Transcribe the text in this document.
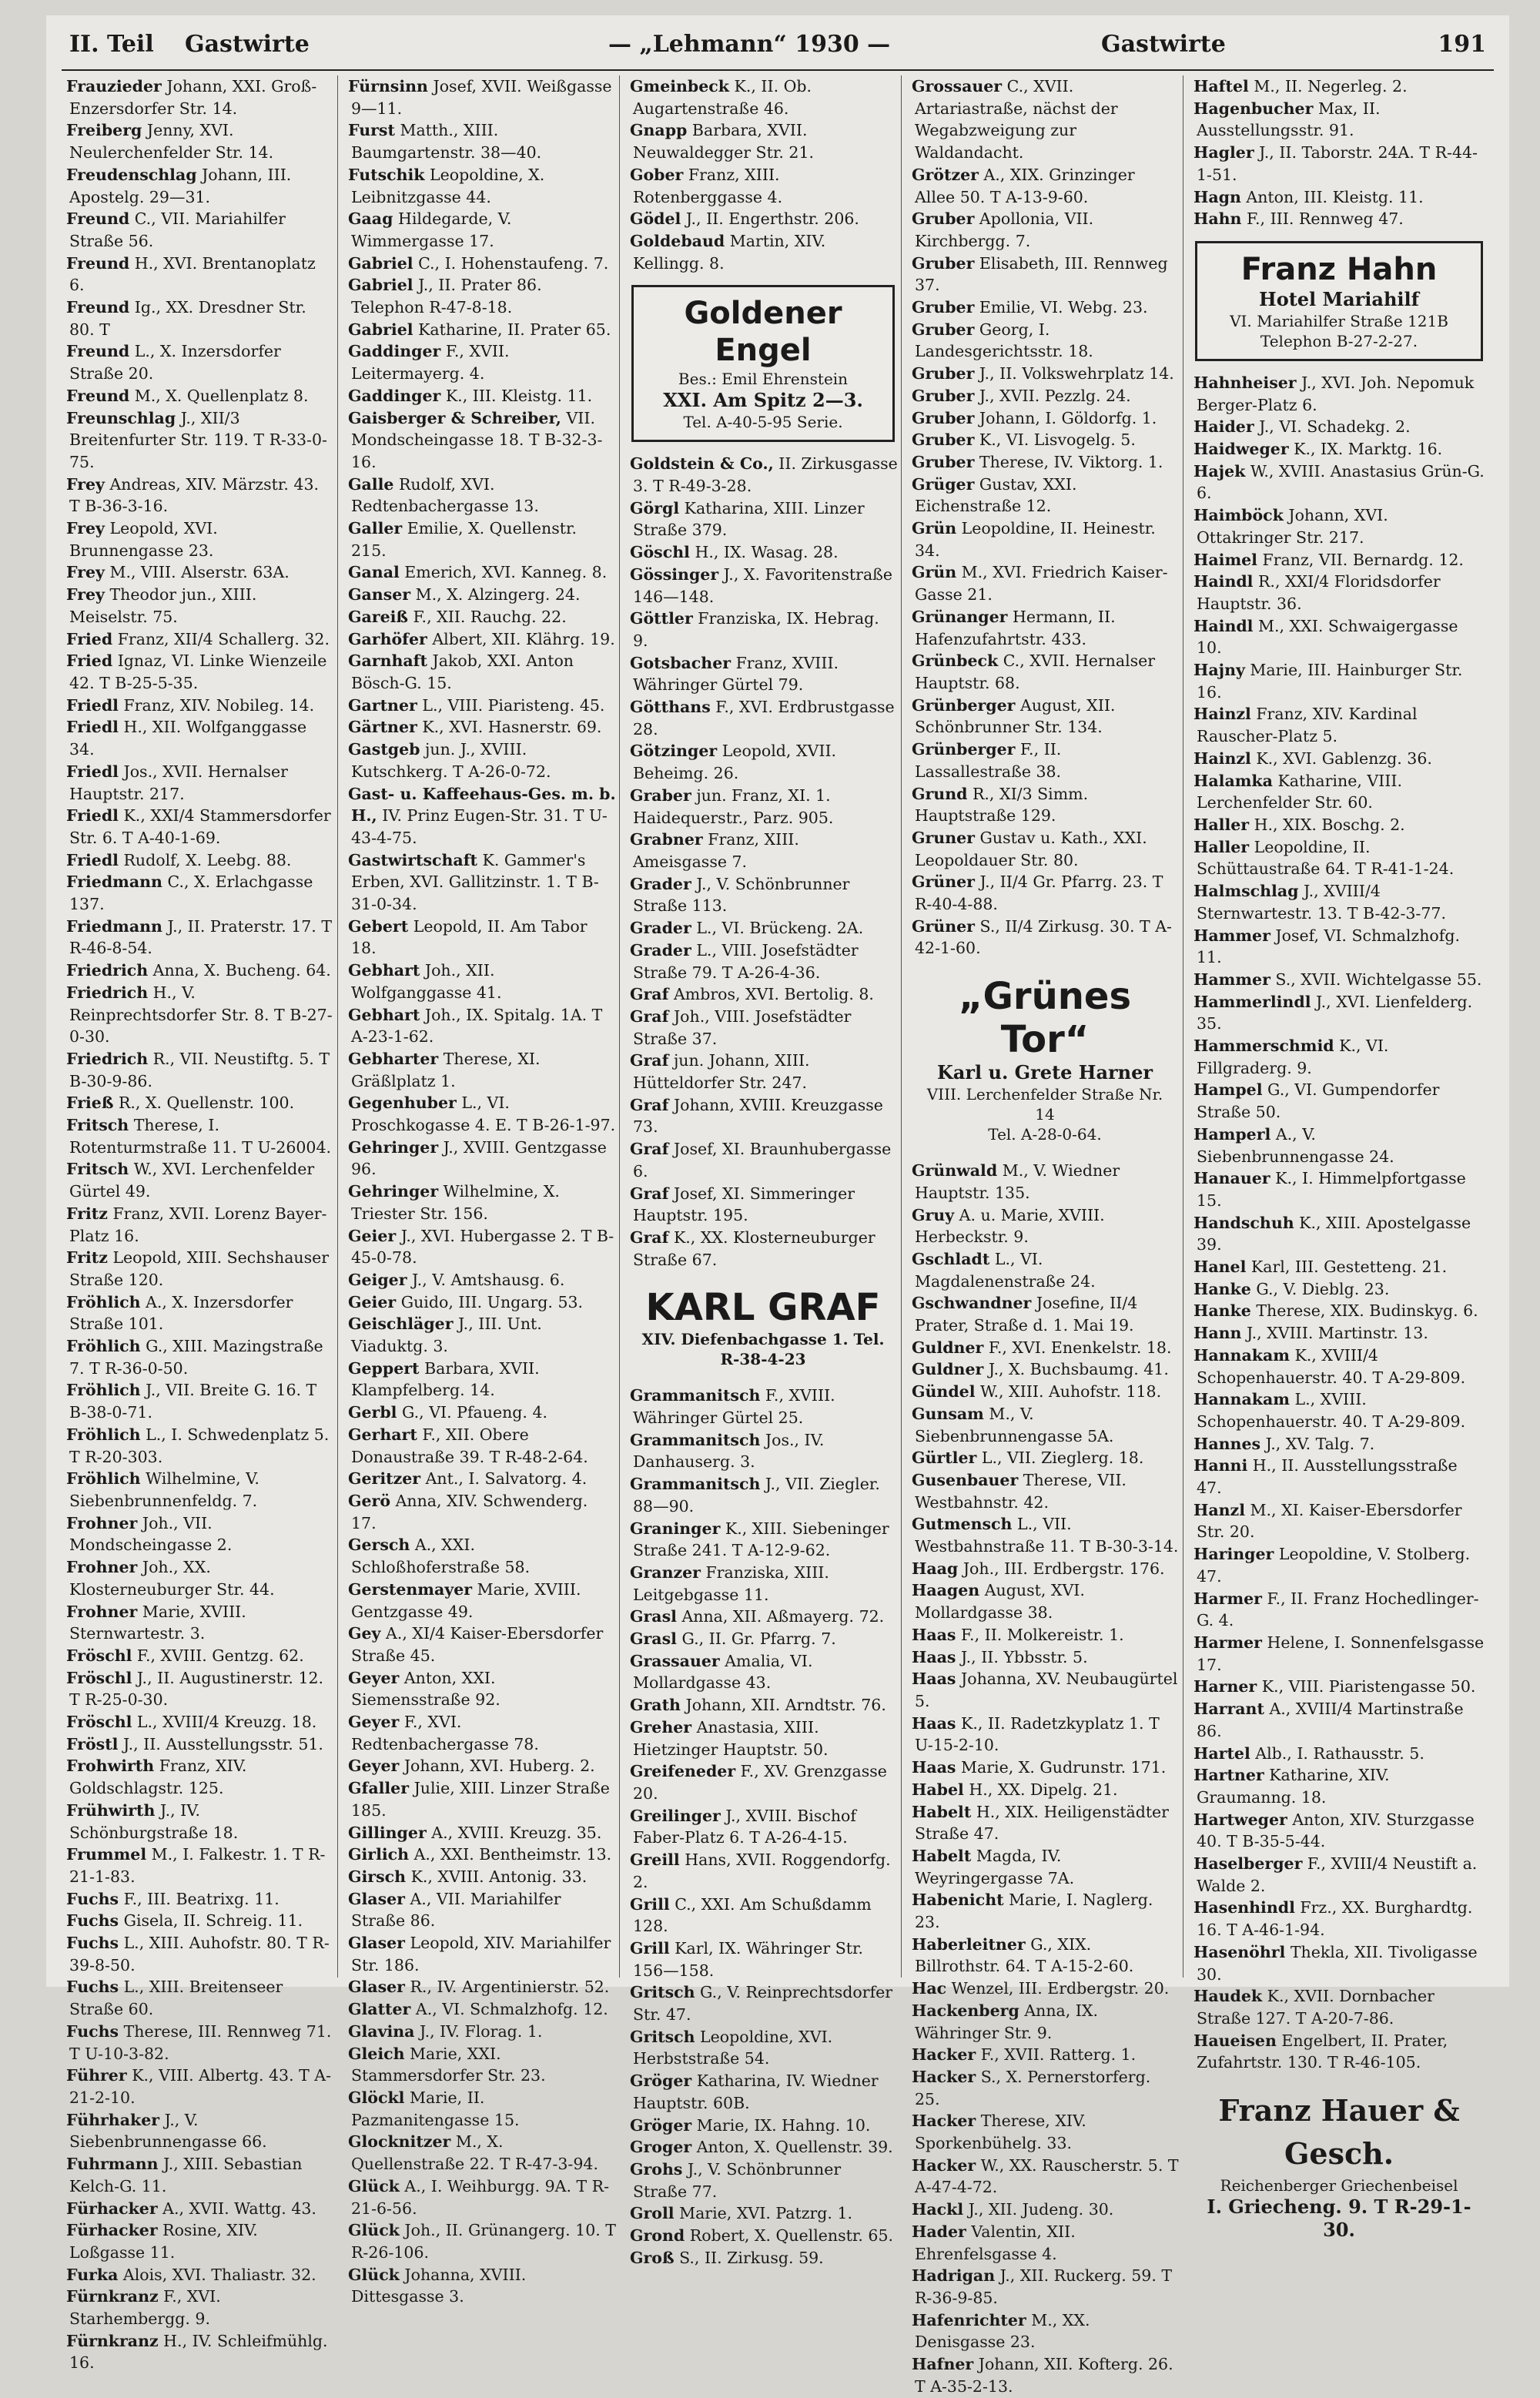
II. Teil Gastwirte	— „Lehmann“ 1930 —	Gastwirte	191
Frauzieder Johann, XXI. Groß-Enzersdorfer Str. 14.
Freiberg Jenny, XVI. Neulerchenfelder Str. 14.
Freudenschlag Johann, III. Apostelg. 29—31.
Freund C., VII. Mariahilfer Straße 56.
Freund H., XVI. Brentanoplatz 6.
Freund Ig., XX. Dresdner Str. 80. T
Freund L., X. Inzersdorfer Straße 20.
Freund M., X. Quellenplatz 8.
Freunschlag J., XII/3 Breitenfurter Str. 119. T R-33-0-75.
Frey Andreas, XIV. Märzstr. 43. T B-36-3-16.
Frey Leopold, XVI. Brunnengasse 23.
Frey M., VIII. Alserstr. 63A.
Frey Theodor jun., XIII. Meiselstr. 75.
Fried Franz, XII/4 Schallerg. 32.
Fried Ignaz, VI. Linke Wienzeile 42. T B-25-5-35.
Friedl Franz, XIV. Nobileg. 14.
Friedl H., XII. Wolfganggasse 34.
Friedl Jos., XVII. Hernalser Hauptstr. 217.
Friedl K., XXI/4 Stammersdorfer Str. 6. T A-40-1-69.
Friedl Rudolf, X. Leebg. 88.
Friedmann C., X. Erlachgasse 137.
Friedmann J., II. Praterstr. 17. T R-46-8-54.
Friedrich Anna, X. Bucheng. 64.
Friedrich H., V. Reinprechtsdorfer Str. 8. T B-27-0-30.
Friedrich R., VII. Neustiftg. 5. T B-30-9-86.
Frieß R., X. Quellenstr. 100.
Fritsch Therese, I. Rotenturmstraße 11. T U-26004.
Fritsch W., XVI. Lerchenfelder Gürtel 49.
Fritz Franz, XVII. Lorenz Bayer-Platz 16.
Fritz Leopold, XIII. Sechshauser Straße 120.
Fröhlich A., X. Inzersdorfer Straße 101.
Fröhlich G., XIII. Mazingstraße 7. T R-36-0-50.
Fröhlich J., VII. Breite G. 16. T B-38-0-71.
Fröhlich L., I. Schwedenplatz 5. T R-20-303.
Fröhlich Wilhelmine, V. Siebenbrunnenfeldg. 7.
Frohner Joh., VII. Mondscheingasse 2.
Frohner Joh., XX. Klosterneuburger Str. 44.
Frohner Marie, XVIII. Sternwartestr. 3.
Fröschl F., XVIII. Gentzg. 62.
Fröschl J., II. Augustinerstr. 12. T R-25-0-30.
Fröschl L., XVIII/4 Kreuzg. 18.
Fröstl J., II. Ausstellungsstr. 51.
Frohwirth Franz, XIV. Goldschlagstr. 125.
Frühwirth J., IV. Schönburgstraße 18.
Frummel M., I. Falkestr. 1. T R-21-1-83.
Fuchs F., III. Beatrixg. 11.
Fuchs Gisela, II. Schreig. 11.
Fuchs L., XIII. Auhofstr. 80. T R-39-8-50.
Fuchs L., XIII. Breitenseer Straße 60.
Fuchs Therese, III. Rennweg 71. T U-10-3-82.
Führer K., VIII. Albertg. 43. T A-21-2-10.
Führhaker J., V. Siebenbrunnengasse 66.
Fuhrmann J., XIII. Sebastian Kelch-G. 11.
Fürhacker A., XVII. Wattg. 43.
Fürhacker Rosine, XIV. Loßgasse 11.
Furka Alois, XVI. Thaliastr. 32.
Fürnkranz F., XVI. Starhembergg. 9.
Fürnkranz H., IV. Schleifmühlg. 16.
Fürnsinn Josef, XVII. Weißgasse 9—11.
Furst Matth., XIII. Baumgartenstr. 38—40.
Futschik Leopoldine, X. Leibnitzgasse 44.
Gaag Hildegarde, V. Wimmergasse 17.
Gabriel C., I. Hohenstaufeng. 7.
Gabriel J., II. Prater 86. Telephon R-47-8-18.
Gabriel Katharine, II. Prater 65.
Gaddinger F., XVII. Leitermayerg. 4.
Gaddinger K., III. Kleistg. 11.
Gaisberger & Schreiber, VII. Mondscheingasse 18. T B-32-3-16.
Galle Rudolf, XVI. Redtenbachergasse 13.
Galler Emilie, X. Quellenstr. 215.
Ganal Emerich, XVI. Kanneg. 8.
Ganser M., X. Alzingerg. 24.
Gareiß F., XII. Rauchg. 22.
Garhöfer Albert, XII. Klährg. 19.
Garnhaft Jakob, XXI. Anton Bösch-G. 15.
Gartner L., VIII. Piaristeng. 45.
Gärtner K., XVI. Hasnerstr. 69.
Gastgeb jun. J., XVIII. Kutschkerg. T A-26-0-72.
Gast- u. Kaffeehaus-Ges. m. b. H., IV. Prinz Eugen-Str. 31. T U-43-4-75.
Gastwirtschaft K. Gammer's Erben, XVI. Gallitzinstr. 1. T B-31-0-34.
Gebert Leopold, II. Am Tabor 18.
Gebhart Joh., XII. Wolfganggasse 41.
Gebhart Joh., IX. Spitalg. 1A. T A-23-1-62.
Gebharter Therese, XI. Gräßlplatz 1.
Gegenhuber L., VI. Proschkogasse 4. E. T B-26-1-97.
Gehringer J., XVIII. Gentzgasse 96.
Gehringer Wilhelmine, X. Triester Str. 156.
Geier J., XVI. Hubergasse 2. T B-45-0-78.
Geiger J., V. Amtshausg. 6.
Geier Guido, III. Ungarg. 53.
Geischläger J., III. Unt. Viaduktg. 3.
Geppert Barbara, XVII. Klampfelberg. 14.
Gerbl G., VI. Pfaueng. 4.
Gerhart F., XII. Obere Donaustraße 39. T R-48-2-64.
Geritzer Ant., I. Salvatorg. 4.
Gerö Anna, XIV. Schwenderg. 17.
Gersch A., XXI. Schloßhoferstraße 58.
Gerstenmayer Marie, XVIII. Gentzgasse 49.
Gey A., XI/4 Kaiser-Ebersdorfer Straße 45.
Geyer Anton, XXI. Siemensstraße 92.
Geyer F., XVI. Redtenbachergasse 78.
Geyer Johann, XVI. Huberg. 2.
Gfaller Julie, XIII. Linzer Straße 185.
Gillinger A., XVIII. Kreuzg. 35.
Girlich A., XXI. Bentheimstr. 13.
Girsch K., XVIII. Antonig. 33.
Glaser A., VII. Mariahilfer Straße 86.
Glaser Leopold, XIV. Mariahilfer Str. 186.
Glaser R., IV. Argentinierstr. 52.
Glatter A., VI. Schmalzhofg. 12.
Glavina J., IV. Florag. 1.
Gleich Marie, XXI. Stammersdorfer Str. 23.
Glöckl Marie, II. Pazmanitengasse 15.
Glocknitzer M., X. Quellenstraße 22. T R-47-3-94.
Glück A., I. Weihburgg. 9A. T R-21-6-56.
Glück Joh., II. Grünangerg. 10. T R-26-106.
Glück Johanna, XVIII. Dittesgasse 3.
Gmeinbeck K., II. Ob. Augartenstraße 46.
Gnapp Barbara, XVII. Neuwaldegger Str. 21.
Gober Franz, XIII. Rotenberggasse 4.
Gödel J., II. Engerthstr. 206.
Goldebaud Martin, XIV. Kellingg. 8.
Goldener Engel
Bes.: Emil Ehrenstein
XXI. Am Spitz 2—3.
Tel. A-40-5-95 Serie.
Goldstein & Co., II. Zirkusgasse 3. T R-49-3-28.
Görgl Katharina, XIII. Linzer Straße 379.
Göschl H., IX. Wasag. 28.
Gössinger J., X. Favoritenstraße 146—148.
Göttler Franziska, IX. Hebrag. 9.
Gotsbacher Franz, XVIII. Währinger Gürtel 79.
Götthans F., XVI. Erdbrustgasse 28.
Götzinger Leopold, XVII. Beheimg. 26.
Graber jun. Franz, XI. 1. Haidequerstr., Parz. 905.
Grabner Franz, XIII. Ameisgasse 7.
Grader J., V. Schönbrunner Straße 113.
Grader L., VI. Brückeng. 2A.
Grader L., VIII. Josefstädter Straße 79. T A-26-4-36.
Graf Ambros, XVI. Bertolig. 8.
Graf Joh., VIII. Josefstädter Straße 37.
Graf jun. Johann, XIII. Hütteldorfer Str. 247.
Graf Johann, XVIII. Kreuzgasse 73.
Graf Josef, XI. Braunhubergasse 6.
Graf Josef, XI. Simmeringer Hauptstr. 195.
Graf K., XX. Klosterneuburger Straße 67.
KARL GRAF
XIV. Diefenbachgasse 1. Tel. R-38-4-23
Grammanitsch F., XVIII. Währinger Gürtel 25.
Grammanitsch Jos., IV. Danhauserg. 3.
Grammanitsch J., VII. Ziegler. 88—90.
Graninger K., XIII. Siebeninger Straße 241. T A-12-9-62.
Granzer Franziska, XIII. Leitgebgasse 11.
Grasl Anna, XII. Aßmayerg. 72.
Grasl G., II. Gr. Pfarrg. 7.
Grassauer Amalia, VI. Mollardgasse 43.
Grath Johann, XII. Arndtstr. 76.
Greher Anastasia, XIII. Hietzinger Hauptstr. 50.
Greifeneder F., XV. Grenzgasse 20.
Greilinger J., XVIII. Bischof Faber-Platz 6. T A-26-4-15.
Greill Hans, XVII. Roggendorfg. 2.
Grill C., XXI. Am Schußdamm 128.
Grill Karl, IX. Währinger Str. 156—158.
Gritsch G., V. Reinprechtsdorfer Str. 47.
Gritsch Leopoldine, XVI. Herbststraße 54.
Gröger Katharina, IV. Wiedner Hauptstr. 60B.
Gröger Marie, IX. Hahng. 10.
Groger Anton, X. Quellenstr. 39.
Grohs J., V. Schönbrunner Straße 77.
Groll Marie, XVI. Patzrg. 1.
Grond Robert, X. Quellenstr. 65.
Groß S., II. Zirkusg. 59.
Grossauer C., XVII. Artariastraße, nächst der Wegabzweigung zur Waldandacht.
Grötzer A., XIX. Grinzinger Allee 50. T A-13-9-60.
Gruber Apollonia, VII. Kirchbergg. 7.
Gruber Elisabeth, III. Rennweg 37.
Gruber Emilie, VI. Webg. 23.
Gruber Georg, I. Landesgerichtsstr. 18.
Gruber J., II. Volkswehrplatz 14.
Gruber J., XVII. Pezzlg. 24.
Gruber Johann, I. Göldorfg. 1.
Gruber K., VI. Lisvogelg. 5.
Gruber Therese, IV. Viktorg. 1.
Grüger Gustav, XXI. Eichenstraße 12.
Grün Leopoldine, II. Heinestr. 34.
Grün M., XVI. Friedrich Kaiser-Gasse 21.
Grünanger Hermann, II. Hafenzufahrtstr. 433.
Grünbeck C., XVII. Hernalser Hauptstr. 68.
Grünberger August, XII. Schönbrunner Str. 134.
Grünberger F., II. Lassallestraße 38.
Grund R., XI/3 Simm. Hauptstraße 129.
Gruner Gustav u. Kath., XXI. Leopoldauer Str. 80.
Grüner J., II/4 Gr. Pfarrg. 23. T R-40-4-88.
Grüner S., II/4 Zirkusg. 30. T A-42-1-60.
„Grünes Tor“
Karl u. Grete Harner
VIII. Lerchenfelder Straße Nr. 14
Tel. A-28-0-64.
Grünwald M., V. Wiedner Hauptstr. 135.
Gruy A. u. Marie, XVIII. Herbeckstr. 9.
Gschladt L., VI. Magdalenenstraße 24.
Gschwandner Josefine, II/4 Prater, Straße d. 1. Mai 19.
Guldner F., XVI. Enenkelstr. 18.
Guldner J., X. Buchsbaumg. 41.
Gündel W., XIII. Auhofstr. 118.
Gunsam M., V. Siebenbrunnengasse 5A.
Gürtler L., VII. Zieglerg. 18.
Gusenbauer Therese, VII. Westbahnstr. 42.
Gutmensch L., VII. Westbahnstraße 11. T B-30-3-14.
Haag Joh., III. Erdbergstr. 176.
Haagen August, XVI. Mollardgasse 38.
Haas F., II. Molkereistr. 1.
Haas J., II. Ybbsstr. 5.
Haas Johanna, XV. Neubaugürtel 5.
Haas K., II. Radetzkyplatz 1. T U-15-2-10.
Haas Marie, X. Gudrunstr. 171.
Habel H., XX. Dipelg. 21.
Habelt H., XIX. Heiligenstädter Straße 47.
Habelt Magda, IV. Weyringergasse 7A.
Habenicht Marie, I. Naglerg. 23.
Haberleitner G., XIX. Billrothstr. 64. T A-15-2-60.
Hac Wenzel, III. Erdbergstr. 20.
Hackenberg Anna, IX. Währinger Str. 9.
Hacker F., XVII. Ratterg. 1.
Hacker S., X. Pernerstorferg. 25.
Hacker Therese, XIV. Sporkenbühelg. 33.
Hacker W., XX. Rauscherstr. 5. T A-47-4-72.
Hackl J., XII. Judeng. 30.
Hader Valentin, XII. Ehrenfelsgasse 4.
Hadrigan J., XII. Ruckerg. 59. T R-36-9-85.
Hafenrichter M., XX. Denisgasse 23.
Hafner Johann, XII. Kofterg. 26. T A-35-2-13.
Haftel M., II. Negerleg. 2.
Hagenbucher Max, II. Ausstellungsstr. 91.
Hagler J., II. Taborstr. 24A. T R-44-1-51.
Hagn Anton, III. Kleistg. 11.
Hahn F., III. Rennweg 47.
Franz Hahn
Hotel Mariahilf
VI. Mariahilfer Straße 121B
Telephon B-27-2-27.
Hahnheiser J., XVI. Joh. Nepomuk Berger-Platz 6.
Haider J., VI. Schadekg. 2.
Haidweger K., IX. Marktg. 16.
Hajek W., XVIII. Anastasius Grün-G. 6.
Haimböck Johann, XVI. Ottakringer Str. 217.
Haimel Franz, VII. Bernardg. 12.
Haindl R., XXI/4 Floridsdorfer Hauptstr. 36.
Haindl M., XXI. Schwaigergasse 10.
Hajny Marie, III. Hainburger Str. 16.
Hainzl Franz, XIV. Kardinal Rauscher-Platz 5.
Hainzl K., XVI. Gablenzg. 36.
Halamka Katharine, VIII. Lerchenfelder Str. 60.
Haller H., XIX. Boschg. 2.
Haller Leopoldine, II. Schüttaustraße 64. T R-41-1-24.
Halmschlag J., XVIII/4 Sternwartestr. 13. T B-42-3-77.
Hammer Josef, VI. Schmalzhofg. 11.
Hammer S., XVII. Wichtelgasse 55.
Hammerlindl J., XVI. Lienfelderg. 35.
Hammerschmid K., VI. Fillgraderg. 9.
Hampel G., VI. Gumpendorfer Straße 50.
Hamperl A., V. Siebenbrunnengasse 24.
Hanauer K., I. Himmelpfortgasse 15.
Handschuh K., XIII. Apostelgasse 39.
Hanel Karl, III. Gestetteng. 21.
Hanke G., V. Dieblg. 23.
Hanke Therese, XIX. Budinskyg. 6.
Hann J., XVIII. Martinstr. 13.
Hannakam K., XVIII/4 Schopenhauerstr. 40. T A-29-809.
Hannakam L., XVIII. Schopenhauerstr. 40. T A-29-809.
Hannes J., XV. Talg. 7.
Hanni H., II. Ausstellungsstraße 47.
Hanzl M., XI. Kaiser-Ebersdorfer Str. 20.
Haringer Leopoldine, V. Stolberg. 47.
Harmer F., II. Franz Hochedlinger-G. 4.
Harmer Helene, I. Sonnenfelsgasse 17.
Harner K., VIII. Piaristengasse 50.
Harrant A., XVIII/4 Martinstraße 86.
Hartel Alb., I. Rathausstr. 5.
Hartner Katharine, XIV. Graumanng. 18.
Hartweger Anton, XIV. Sturzgasse 40. T B-35-5-44.
Haselberger F., XVIII/4 Neustift a. Walde 2.
Hasenhindl Frz., XX. Burghardtg. 16. T A-46-1-94.
Hasenöhrl Thekla, XII. Tivoligasse 30.
Haudek K., XVII. Dornbacher Straße 127. T A-20-7-86.
Haueisen Engelbert, II. Prater, Zufahrtstr. 130. T R-46-105.
Franz Hauer & Gesch.
Reichenberger Griechenbeisel
I. Griecheng. 9. T R-29-1-30.
